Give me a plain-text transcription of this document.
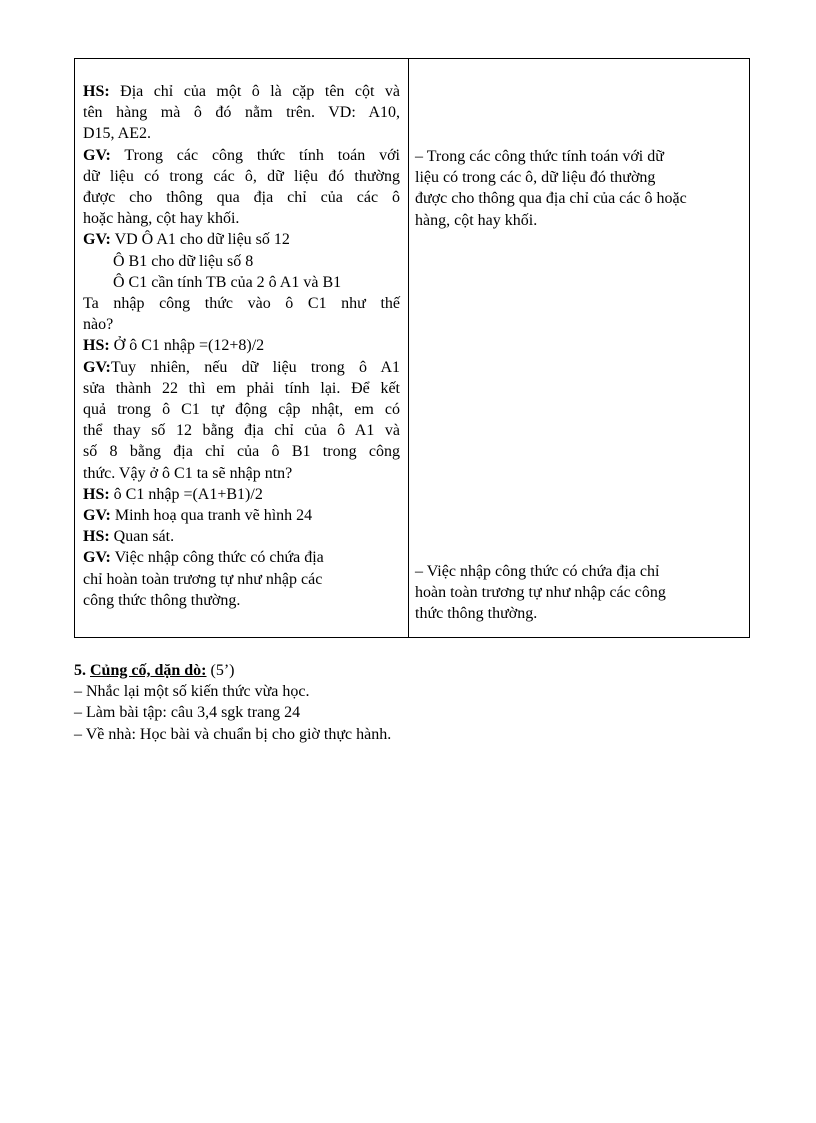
HS: Địa chỉ của một ô là cặp tên cột và
tên hàng mà ô đó nằm trên. VD: A10,
D15, AE2.
GV: Trong các công thức tính toán với
dữ liệu có trong các ô, dữ liệu đó thường
được cho thông qua địa chỉ của các ô
hoặc hàng, cột hay khối.
GV: VD Ô A1 cho dữ liệu số 12
Ô B1 cho dữ liệu số 8
Ô C1 cần tính TB của 2 ô A1 và B1
Ta nhập công thức vào ô C1 như thế
nào?
HS: Ở ô C1 nhập =(12+8)/2
GV:Tuy nhiên, nếu dữ liệu trong ô A1
sửa thành 22 thì em phải tính lại. Để kết
quả trong ô C1 tự động cập nhật, em có
thể thay số 12 bằng địa chỉ của ô A1 và
số 8 bằng địa chỉ của ô B1 trong công
thức. Vậy ở ô C1 ta sẽ nhập ntn?
HS: ô C1 nhập =(A1+B1)/2
GV: Minh hoạ qua tranh vẽ hình 24
HS: Quan sát.
GV: Việc nhập công thức có chứa địa
chỉ hoàn toàn trương tự như nhập các
công thức thông thường.
– Trong các công thức tính toán với dữ
liệu có trong các ô, dữ liệu đó thường
được cho thông qua địa chỉ của các ô hoặc
hàng, cột hay khối.
– Việc nhập công thức có chứa địa chỉ
hoàn toàn trương tự như nhập các công
thức thông thường.
5. Củng cố, dặn dò: (5’)
– Nhắc lại một số kiến thức vừa học.
– Làm bài tập: câu 3,4 sgk trang 24
– Về nhà: Học bài và chuẩn bị cho giờ thực hành.
